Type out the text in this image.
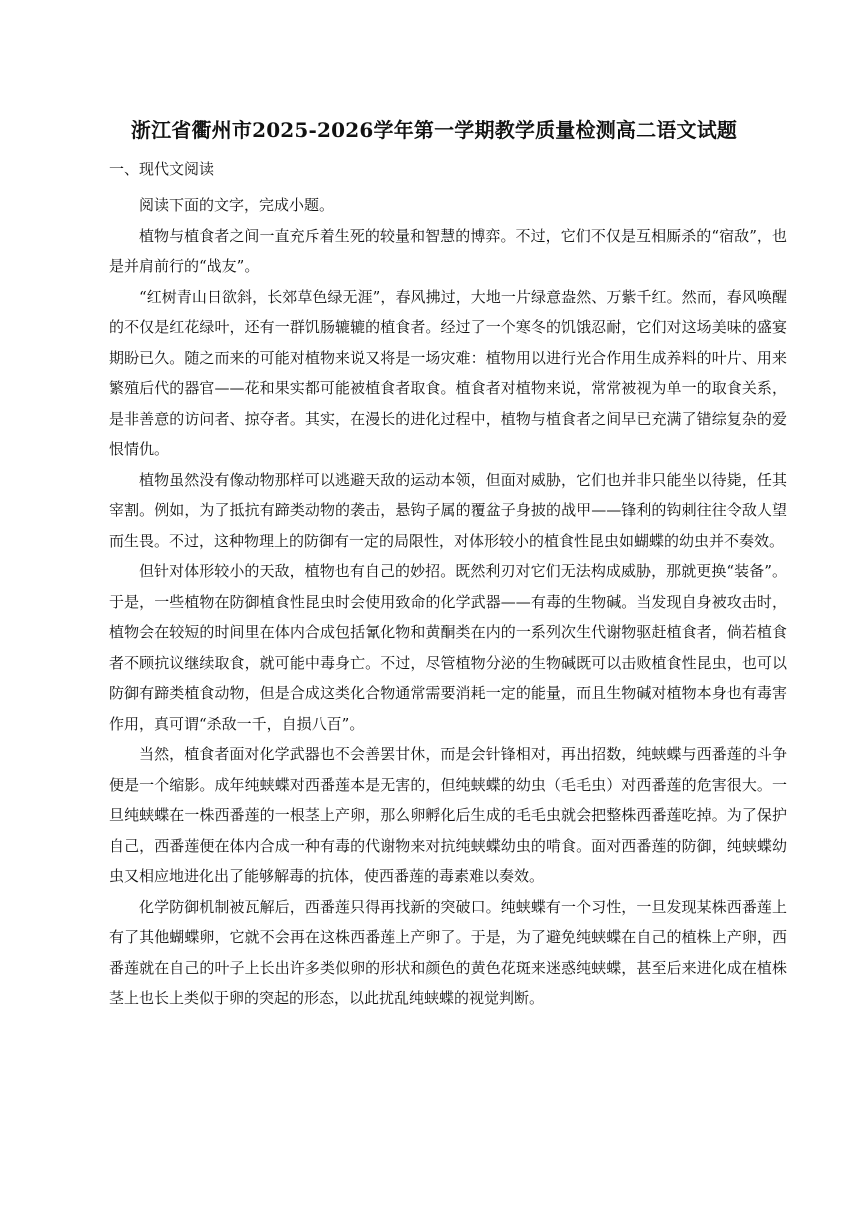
浙江省衢州市2025-2026学年第一学期教学质量检测高二语文试题
一、现代文阅读

阅读下面的文字，完成小题。

植物与植食者之间一直充斥着生死的较量和智慧的博弈。不过，它们不仅是互相厮杀的“宿敌”，也是并肩前行的“战友”。

“红树青山日欲斜，长郊草色绿无涯”，春风拂过，大地一片绿意盎然、万紫千红。然而，春风唤醒的不仅是红花绿叶，还有一群饥肠辘辘的植食者。经过了一个寒冬的饥饿忍耐，它们对这场美味的盛宴期盼已久。随之而来的可能对植物来说又将是一场灾难：植物用以进行光合作用生成养料的叶片、用来繁殖后代的器官——花和果实都可能被植食者取食。植食者对植物来说，常常被视为单一的取食关系，是非善意的访问者、掠夺者。其实，在漫长的进化过程中，植物与植食者之间早已充满了错综复杂的爱恨情仇。

植物虽然没有像动物那样可以逃避天敌的运动本领，但面对威胁，它们也并非只能坐以待毙，任其宰割。例如，为了抵抗有蹄类动物的袭击，悬钩子属的覆盆子身披的战甲——锋利的钩刺往往令敌人望而生畏。不过，这种物理上的防御有一定的局限性，对体形较小的植食性昆虫如蝴蝶的幼虫并不奏效。

但针对体形较小的天敌，植物也有自己的妙招。既然利刃对它们无法构成威胁，那就更换“装备”。于是，一些植物在防御植食性昆虫时会使用致命的化学武器——有毒的生物碱。当发现自身被攻击时，植物会在较短的时间里在体内合成包括氰化物和黄酮类在内的一系列次生代谢物驱赶植食者，倘若植食者不顾抗议继续取食，就可能中毒身亡。不过，尽管植物分泌的生物碱既可以击败植食性昆虫，也可以防御有蹄类植食动物，但是合成这类化合物通常需要消耗一定的能量，而且生物碱对植物本身也有毒害作用，真可谓“杀敌一千，自损八百”。

当然，植食者面对化学武器也不会善罢甘休，而是会针锋相对，再出招数，纯蛱蝶与西番莲的斗争便是一个缩影。成年纯蛱蝶对西番莲本是无害的，但纯蛱蝶的幼虫（毛毛虫）对西番莲的危害很大。一旦纯蛱蝶在一株西番莲的一根茎上产卵，那么卵孵化后生成的毛毛虫就会把整株西番莲吃掉。为了保护自己，西番莲便在体内合成一种有毒的代谢物来对抗纯蛱蝶幼虫的啃食。面对西番莲的防御，纯蛱蝶幼虫又相应地进化出了能够解毒的抗体，使西番莲的毒素难以奏效。

化学防御机制被瓦解后，西番莲只得再找新的突破口。纯蛱蝶有一个习性，一旦发现某株西番莲上有了其他蝴蝶卵，它就不会再在这株西番莲上产卵了。于是，为了避免纯蛱蝶在自己的植株上产卵，西番莲就在自己的叶子上长出许多类似卵的形状和颜色的黄色花斑来迷惑纯蛱蝶，甚至后来进化成在植株茎上也长上类似于卵的突起的形态，以此扰乱纯蛱蝶的视觉判断。
